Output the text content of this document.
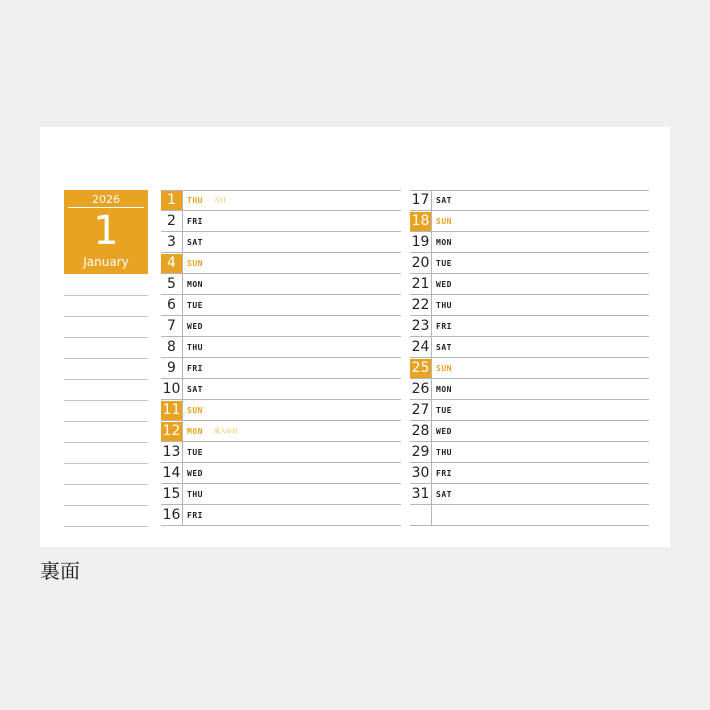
2026
1
January
1	THU 元日
2	FRI
3	SAT
4	SUN
5	MON
6	TUE
7	WED
8	THU
9	FRI
10 SAT
11 SUN
12 MON 成人の日
13 TUE
14 WED
15 THU
16 FRI
17 SAT
18 SUN
19 MON
20 TUE
21 WED
22 THU
23 FRI
24 SAT
25 SUN
26 MON
27 TUE
28 WED
29 THU
30 FRI
31 SAT
裏面
